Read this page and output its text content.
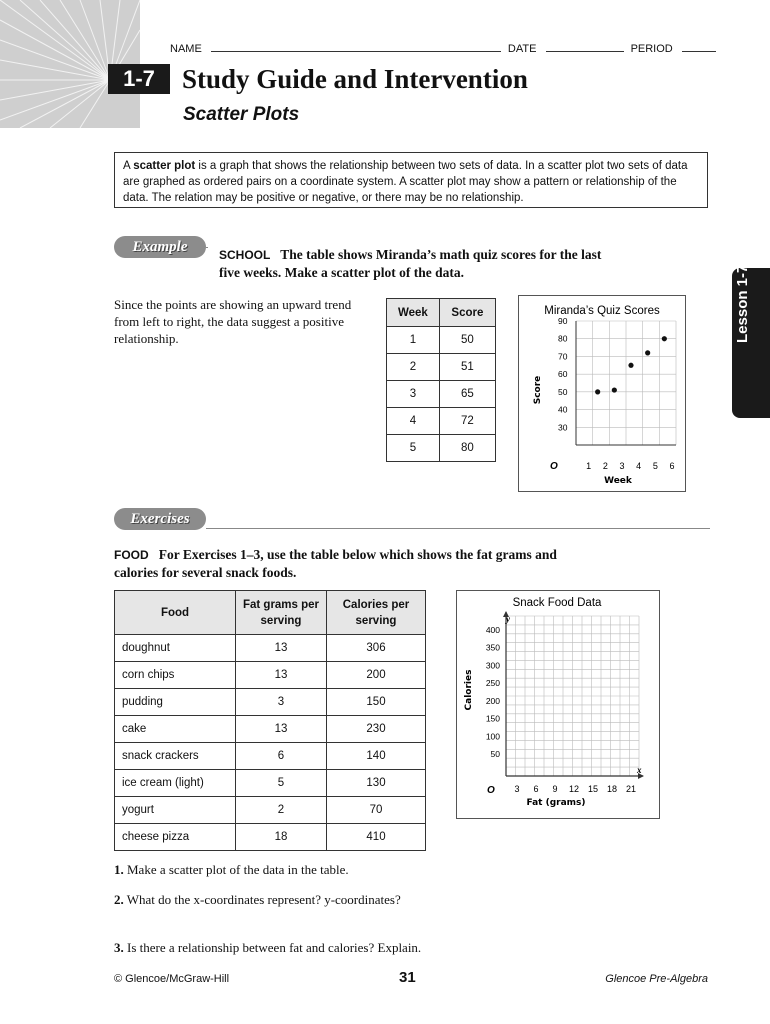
NAME	DATE	PERIOD
1-7	Study Guide and Intervention
Scatter Plots
A scatter plot is a graph that shows the relationship between two sets of data. In a scatter plot two sets of data are graphed as ordered pairs on a coordinate system. A scatter plot may show a pattern or relationship of the data. The relation may be positive or negative, or there may be no relationship.
Lesson 1-7
Example	SCHOOL The table shows Miranda’s math quiz scores for the last
five weeks. Make a scatter plot of the data.
Since the points are showing an upward trend from left to right, the data suggest a positive relationship.
Week	Score
1	50
2	51
3	65
4	72
5	80
Miranda’s Quiz Scores
30
40
50
60
70
80
90
1 2 3 4 5 6
Week
Score
O
Exercises
FOOD For Exercises 1–3, use the table below which shows the fat grams and
calories for several snack foods.
Food	Fat grams per serving	Calories per serving
doughnut	13	306
corn chips	13	200
pudding	3	150
cake	13	230
snack crackers	6	140
ice cream (light)	5	130
yogurt	2	70
cheese pizza	18	410
Snack Food Data
50
100
150
200
250
300
350
400
3 6 9 12 15 18 21
Fat (grams)
Calories
O
y
x
1. Make a scatter plot of the data in the table.
2. What do the x-coordinates represent? y-coordinates?
3. Is there a relationship between fat and calories? Explain.
© Glencoe/McGraw-Hill	31	Glencoe Pre-Algebra
